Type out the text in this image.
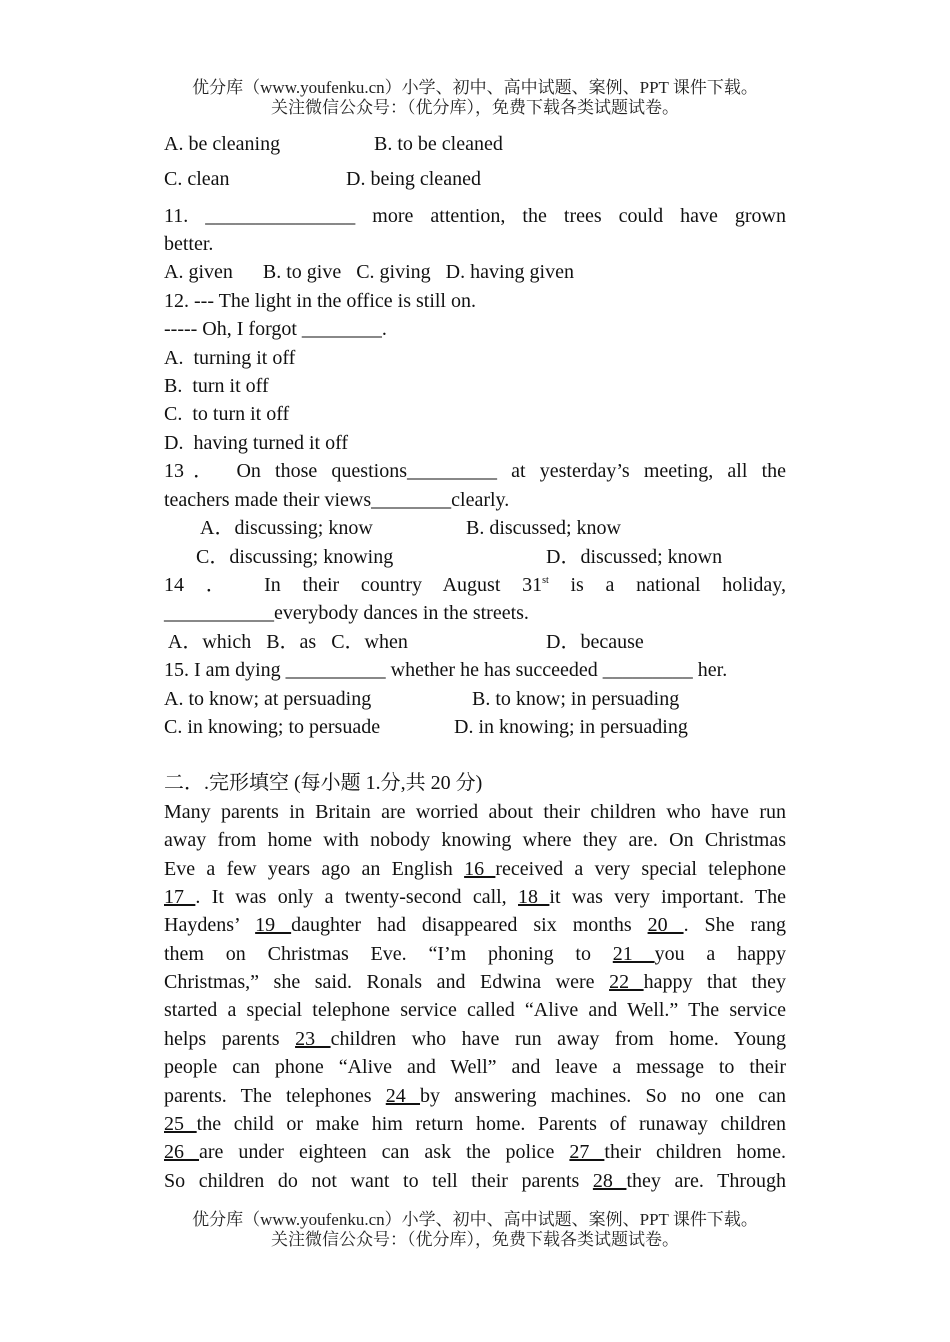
优分库（www.youfenku.cn）小学、初中、高中试题、案例、PPT 课件下载。
关注微信公众号：（优分库），免费下载各类试题试卷。
A. be cleaning	B. to be cleaned
C. clean	D. being cleaned
11. _______________ more attention, the trees could have grown
better.
A. given      B. to give   C. giving   D. having given
12. --- The light in the office is still on.
----- Oh, I forgot ________.
A.  turning it off
B.  turn it off
C.  to turn it off
D.  having turned it off
13． On those questions_________ at yesterday’s meeting, all the
teachers made their views________clearly.
A．discussing; know	B. discussed; know
C．discussing; knowing	D．discussed; known
14 ． In their country August 31st is a national holiday,
___________everybody dances in the streets.
A．which   B．as   C．when	D．because
15. I am dying __________ whether he has succeeded _________ her.
A. to know; at persuading	B. to know; in persuading
C. in knowing; to persuade	D. in knowing; in persuading
二．.完形填空 (每小题 1.分,共 20 分)
Many parents in Britain are worried about their children who have run
away from home with nobody knowing where they are. On Christmas
Eve a few years ago an English 16 received a very special telephone
17 . It was only a twenty-second call, 18 it was very important. The
Haydens’ 19 daughter had disappeared six months 20 . She rang
them on Christmas Eve. “I’m phoning to 21 you a happy
Christmas,” she said. Ronals and Edwina were 22 happy that they
started a special telephone service called “Alive and Well.” The service
helps parents 23 children who have run away from home. Young
people can phone “Alive and Well” and leave a message to their
parents. The telephones 24 by answering machines. So no one can
25 the child or make him return home. Parents of runaway children
26 are under eighteen can ask the police 27 their children home.
So children do not want to tell their parents 28 they are. Through
优分库（www.youfenku.cn）小学、初中、高中试题、案例、PPT 课件下载。
关注微信公众号：（优分库），免费下载各类试题试卷。
